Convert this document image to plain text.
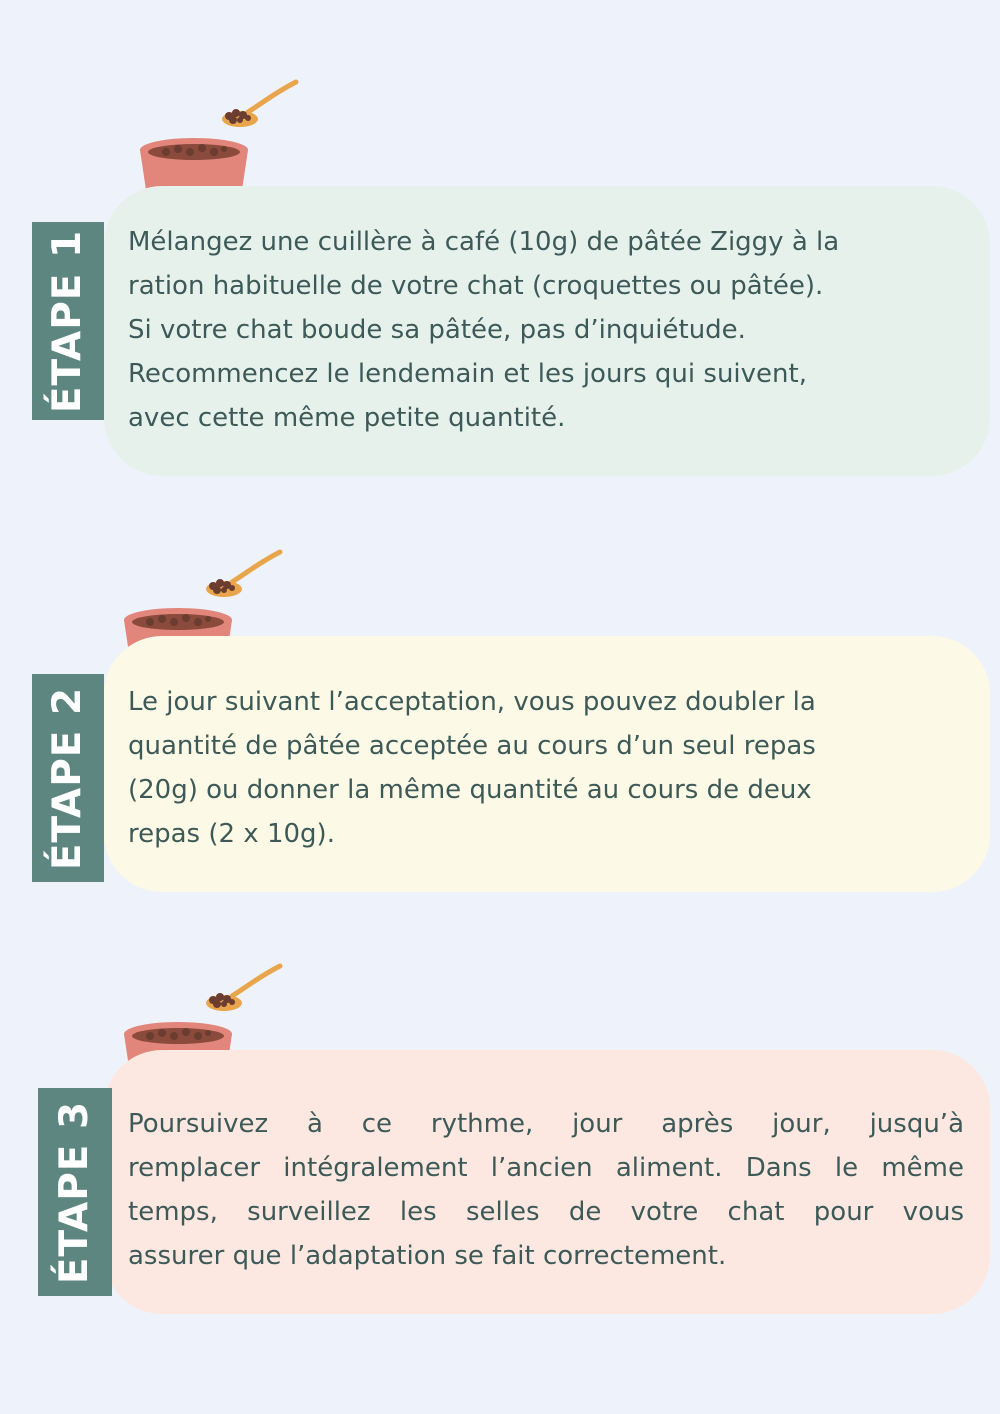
Mélangez une cuillère à café (10g) de pâtée Ziggy à la
ration habituelle de votre chat (croquettes ou pâtée).
Si votre chat boude sa pâtée, pas d’inquiétude.
Recommencez le lendemain et les jours qui suivent,
avec cette même petite quantité.
ÉTAPE 1
Le jour suivant l’acceptation, vous pouvez doubler la
quantité de pâtée acceptée au cours d’un seul repas
(20g) ou donner la même quantité au cours de deux
repas (2 x 10g).
ÉTAPE 2
Poursuivez à ce rythme, jour après jour, jusqu’à
remplacer intégralement l’ancien aliment. Dans le même
temps, surveillez les selles de votre chat pour vous
assurer que l’adaptation se fait correctement.
ÉTAPE 3
